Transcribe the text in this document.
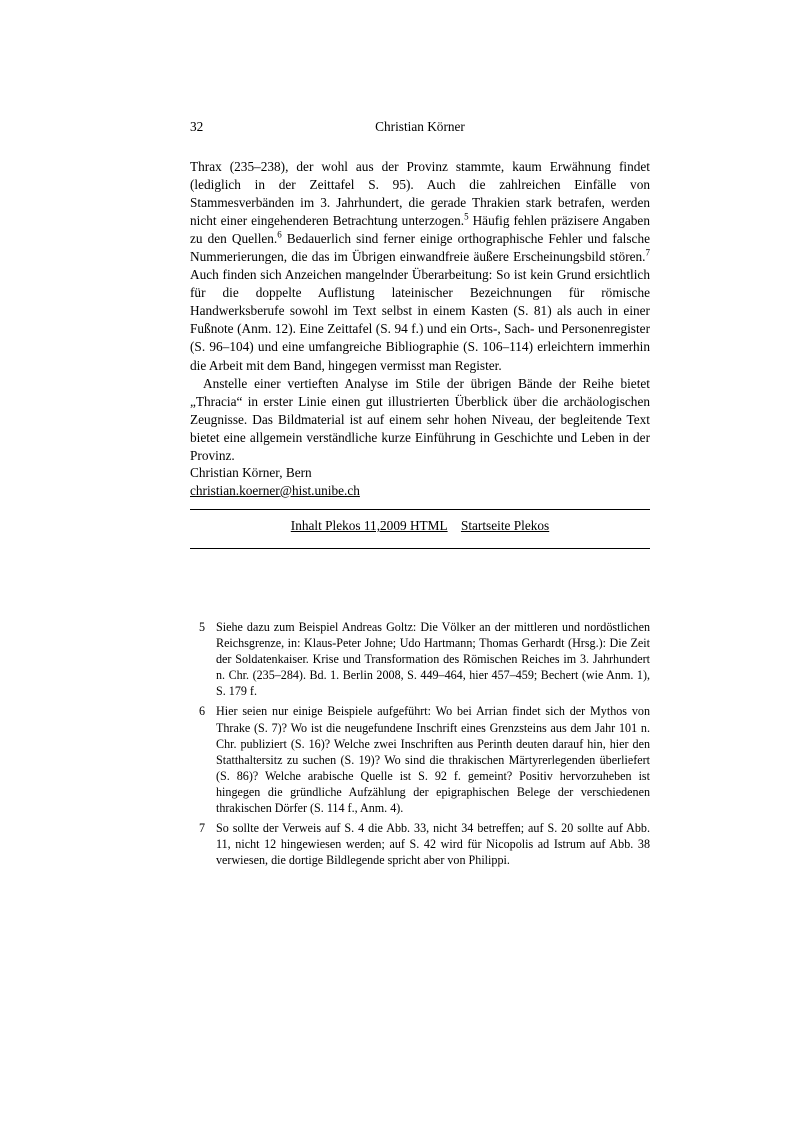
32	Christian Körner

Thrax (235–238), der wohl aus der Provinz stammte, kaum Erwähnung findet (lediglich in der Zeittafel S. 95). Auch die zahlreichen Einfälle von Stammesverbänden im 3. Jahrhundert, die gerade Thrakien stark betrafen, werden nicht einer eingehenderen Betrachtung unterzogen.$^5$ Häufig fehlen präzisere Angaben zu den Quellen.$^6$ Bedauerlich sind ferner einige orthographische Fehler und falsche Nummerierungen, die das im Übrigen einwandfreie äußere Erscheinungsbild stören.$^7$ Auch finden sich Anzeichen mangelnder Überarbeitung: So ist kein Grund ersichtlich für die doppelte Auflistung lateinischer Bezeichnungen für römische Handwerksberufe sowohl im Text selbst in einem Kasten (S. 81) als auch in einer Fußnote (Anm. 12). Eine Zeittafel (S. 94 f.) und ein Orts-, Sach- und Personenregister (S. 96–104) und eine umfangreiche Bibliographie (S. 106–114) erleichtern immerhin die Arbeit mit dem Band, hingegen vermisst man Register.

Anstelle einer vertieften Analyse im Stile der übrigen Bände der Reihe bietet „Thracia“ in erster Linie einen gut illustrierten Überblick über die archäologischen Zeugnisse. Das Bildmaterial ist auf einem sehr hohen Niveau, der begleitende Text bietet eine allgemein verständliche kurze Einführung in Geschichte und Leben in der Provinz.

Christian Körner, Bern
christian.koerner@hist.unibe.ch
Inhalt Plekos 11,2009 HTML Startseite Plekos
5 Siehe dazu zum Beispiel Andreas Goltz: Die Völker an der mittleren und nordöstlichen Reichsgrenze, in: Klaus-Peter Johne; Udo Hartmann; Thomas Gerhardt (Hrsg.): Die Zeit der Soldatenkaiser. Krise und Transformation des Römischen Reiches im 3. Jahrhundert n. Chr. (235–284). Bd. 1. Berlin 2008, S. 449–464, hier 457–459; Bechert (wie Anm. 1), S. 179 f.
6 Hier seien nur einige Beispiele aufgeführt: Wo bei Arrian findet sich der Mythos von Thrake (S. 7)? Wo ist die neugefundene Inschrift eines Grenzsteins aus dem Jahr 101 n. Chr. publiziert (S. 16)? Welche zwei Inschriften aus Perinth deuten darauf hin, hier den Statthaltersitz zu suchen (S. 19)? Wo sind die thrakischen Märtyrerlegenden überliefert (S. 86)? Welche arabische Quelle ist S. 92 f. gemeint? Positiv hervorzuheben ist hingegen die gründliche Aufzählung der epigraphischen Belege der verschiedenen thrakischen Dörfer (S. 114 f., Anm. 4).
7 So sollte der Verweis auf S. 4 die Abb. 33, nicht 34 betreffen; auf S. 20 sollte auf Abb. 11, nicht 12 hingewiesen werden; auf S. 42 wird für Nicopolis ad Istrum auf Abb. 38 verwiesen, die dortige Bildlegende spricht aber von Philippi.
